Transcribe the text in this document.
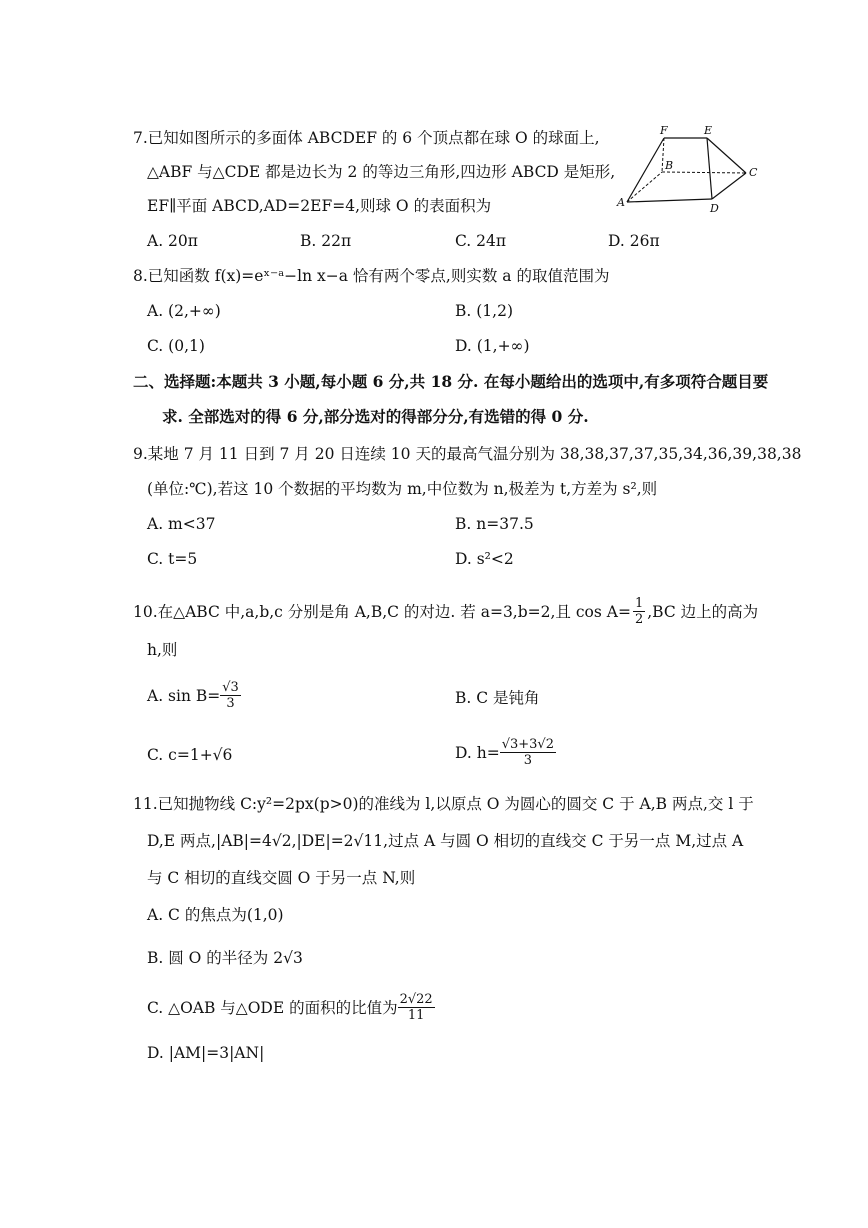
7.已知如图所示的多面体 ABCDEF 的 6 个顶点都在球 O 的球面上,
△ABF 与△CDE 都是边长为 2 的等边三角形,四边形 ABCD 是矩形,
EF∥平面 ABCD,AD=2EF=4,则球 O 的表面积为
F	E
B
C
A	D
A. 20π	B. 22π	C. 24π	D. 26π
8.已知函数 f(x)=eˣ⁻ᵃ−ln x−a 恰有两个零点,则实数 a 的取值范围为
A. (2,+∞)	B. (1,2)
C. (0,1)	D. (1,+∞)
二、选择题:本题共 3 小题,每小题 6 分,共 18 分. 在每小题给出的选项中,有多项符合题目要
求. 全部选对的得 6 分,部分选对的得部分分,有选错的得 0 分.
9.某地 7 月 11 日到 7 月 20 日连续 10 天的最高气温分别为 38,38,37,37,35,34,36,39,38,38
(单位:℃),若这 10 个数据的平均数为 m,中位数为 n,极差为 t,方差为 s²,则
A. m<37	B. n=37.5
C. t=5	D. s²<2
10.在△ABC 中,a,b,c 分别是角 A,B,C 的对边. 若 a=3,b=2,且 $\cos A= \frac{1}{2} ,BC$ 边上的高为
h,则
A. $\sin B= \frac{√3}{3}$	B. C 是钝角
C. c=1+√6	D. $h= \frac{√3+3√2}{3}$
11.已知抛物线 C:y²=2px(p>0)的准线为 l,以原点 O 为圆心的圆交 C 于 A,B 两点,交 l 于
D,E 两点,|AB|=4√2,|DE|=2√11,过点 A 与圆 O 相切的直线交 C 于另一点 M,过点 A
与 C 相切的直线交圆 O 于另一点 N,则
A. C 的焦点为(1,0)
B. 圆 O 的半径为 2√3
C. △OAB 与△ODE 的面积的比值为 $\frac{2√22}{11}$
D. |AM|=3|AN|
